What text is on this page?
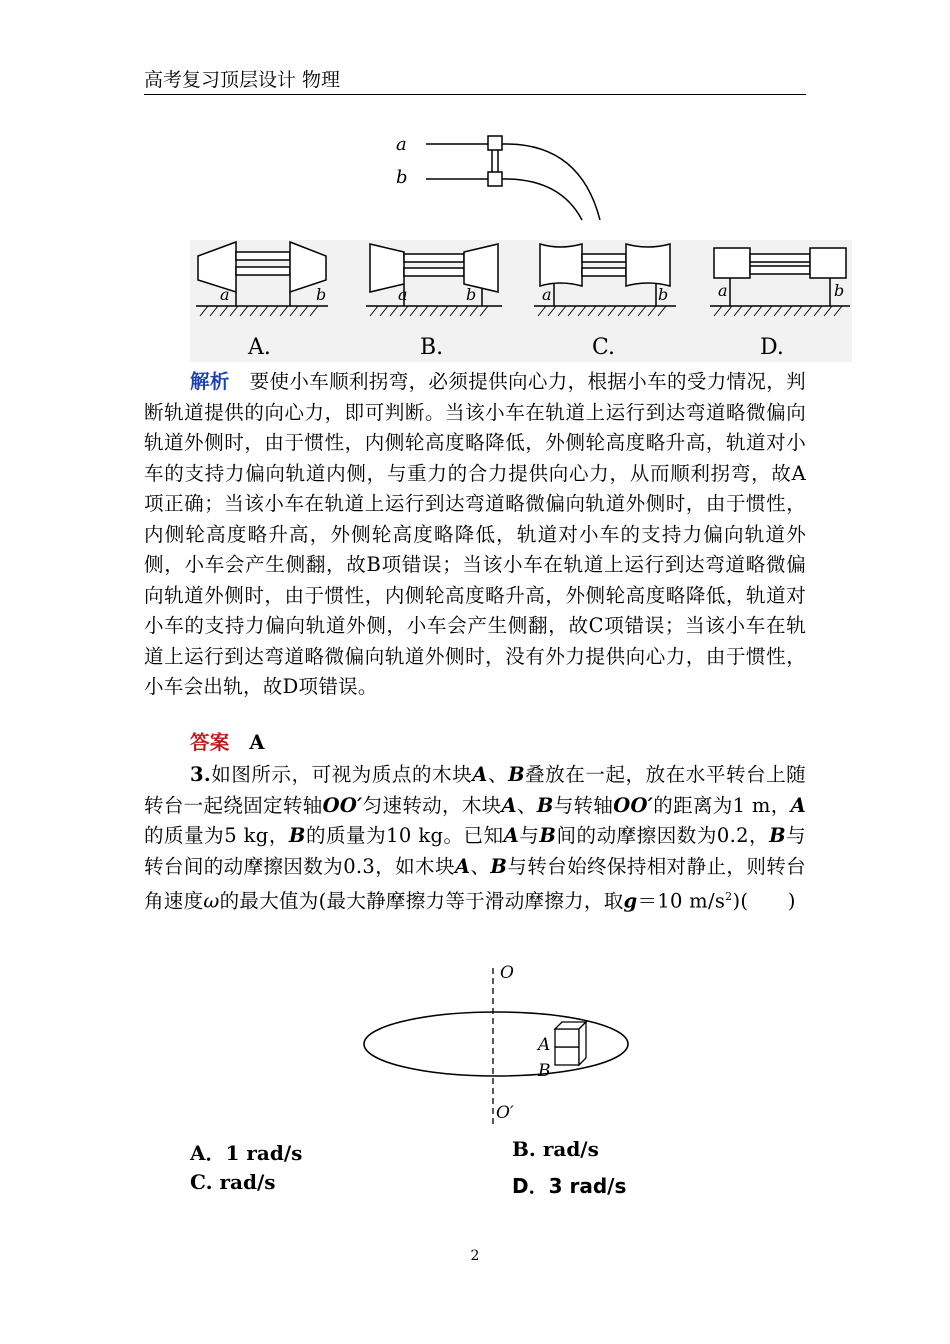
高考复习顶层设计 物理
a
b
a	b	a	b	a	b	a	b
A.	B.	C.	D.
解析　 要使小车顺利拐弯，必须提供向心力，根据小车的受力情况，判断轨道提供的向心力，即可判断。当该小车在轨道上运行到达弯道略微偏向轨道外侧时，由于惯性，内侧轮高度略降低，外侧轮高度略升高，轨道对小车的支持力偏向轨道内侧，与重力的合力提供向心力，从而顺利拐弯，故A项正确；当该小车在轨道上运行到达弯道略微偏向轨道外侧时，由于惯性，内侧轮高度略升高，外侧轮高度略降低，轨道对小车的支持力偏向轨道外侧，小车会产生侧翻，故B项错误；当该小车在轨道上运行到达弯道略微偏向轨道外侧时，由于惯性，内侧轮高度略升高，外侧轮高度略降低，轨道对小车的支持力偏向轨道外侧，小车会产生侧翻，故C项错误；当该小车在轨道上运行到达弯道略微偏向轨道外侧时，没有外力提供向心力，由于惯性，小车会出轨，故D项错误。
答案　 A
3.如图所示，可视为质点的木块A、B叠放在一起，放在水平转台上随转台一起绕固定转轴OO′匀速转动，木块A、B与转轴OO′的距离为1 m，A的质量为5 kg，B的质量为10 kg。已知A与B间的动摩擦因数为0.2，B与转台间的动摩擦因数为0.3，如木块A、B与转台始终保持相对静止，则转台角速度ω的最大值为(最大静摩擦力等于滑动摩擦力，取g＝10 $m/s^2$)(　　)
O
O′
A
B
A．1 rad/s	B. rad/s
C. rad/s	D．3 rad/s
2
